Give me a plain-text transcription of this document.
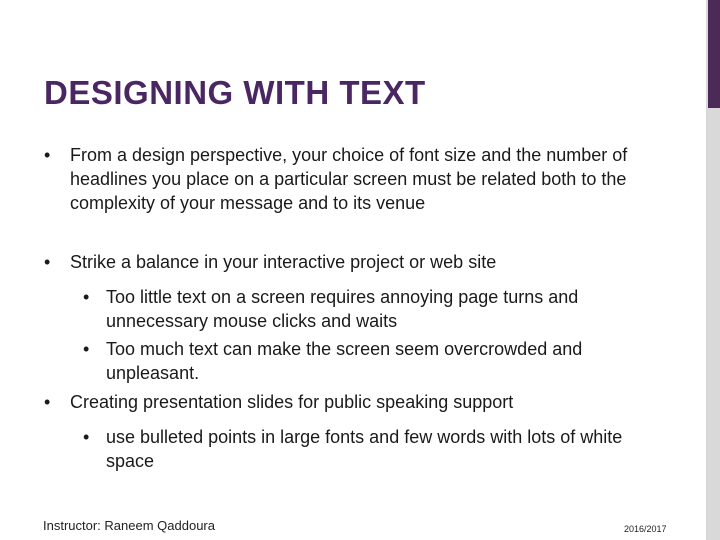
DESIGNING WITH TEXT
• From a design perspective, your choice of font size and the number of headlines you place on a particular screen must be related both to the complexity of your message and to its venue
• Strike a balance in your interactive project or web site
• Too little text on a screen requires annoying page turns and unnecessary mouse clicks and waits
• Too much text can make the screen seem overcrowded and unpleasant.
• Creating presentation slides for public speaking support
• use bulleted points in large fonts and few words with lots of white space
Instructor: Raneem Qaddoura	2016/2017
